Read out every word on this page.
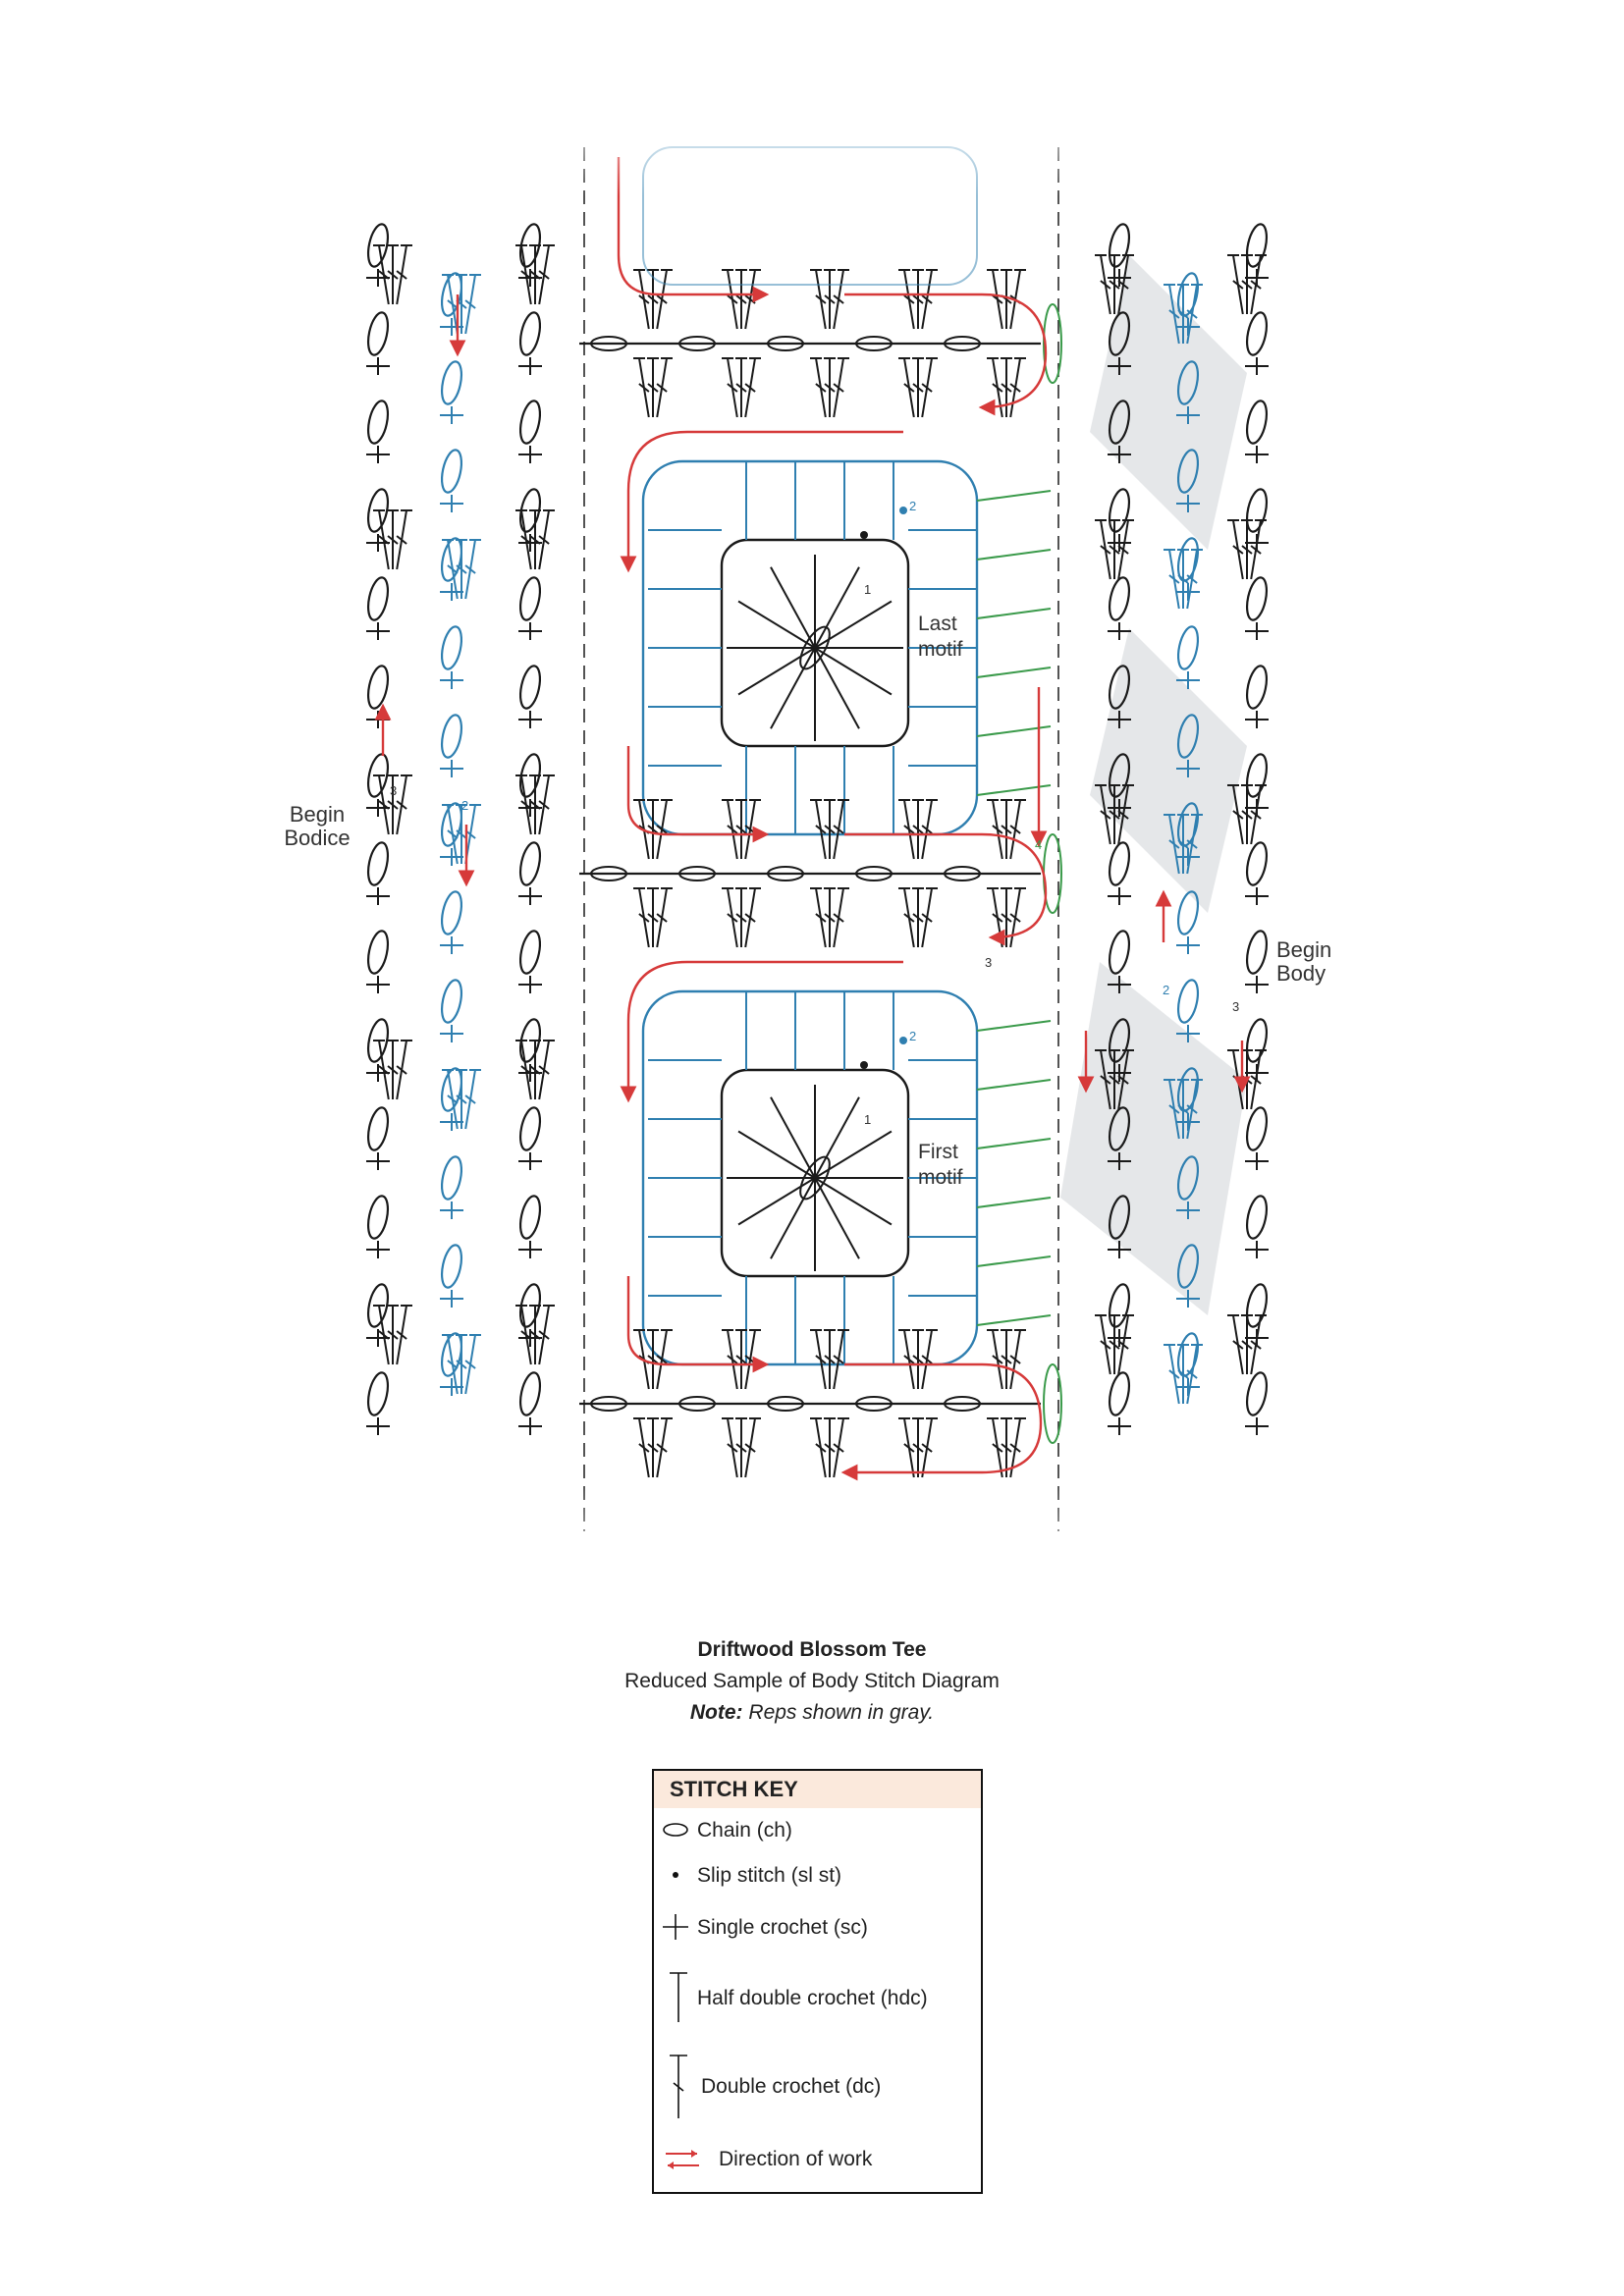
Last
motif
First
motif
1
2
1
2
3
4
3
2
2
3
Begin
Bodice
Begin
Body
Driftwood Blossom Tee
Reduced Sample of Body Stitch Diagram
Note: Reps shown in gray.
STITCH KEY
Chain (ch)
Slip stitch (sl st)
Single crochet (sc)
Half double crochet (hdc)
Double crochet (dc)
Direction of work
